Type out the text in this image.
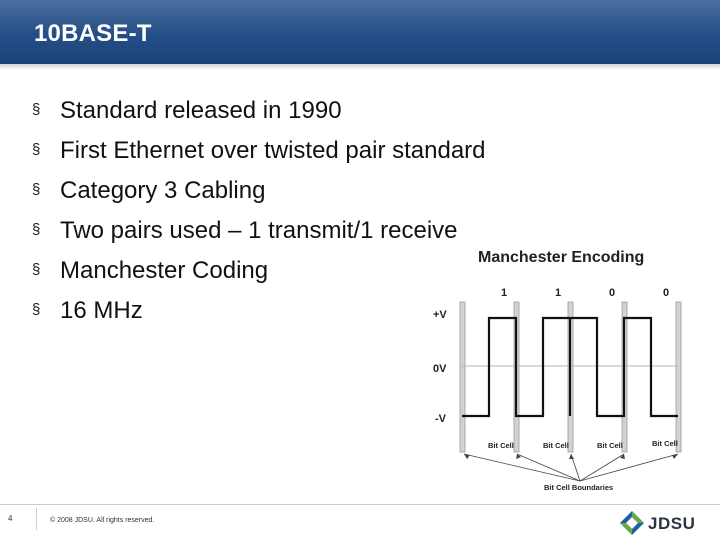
10BASE-T
§ Standard released in 1990
§ First Ethernet over twisted pair standard
§ Category 3 Cabling
§ Two pairs used – 1 transmit/1 receive
§ Manchester Coding
§ 16 MHz
Manchester Encoding
1	1	0	0
+V
0V
-V
Bit Cell	Bit Cell	Bit Cell	Bit Cell
Bit Cell Boundaries
4	© 2008 JDSU. All rights reserved.	JDSU
